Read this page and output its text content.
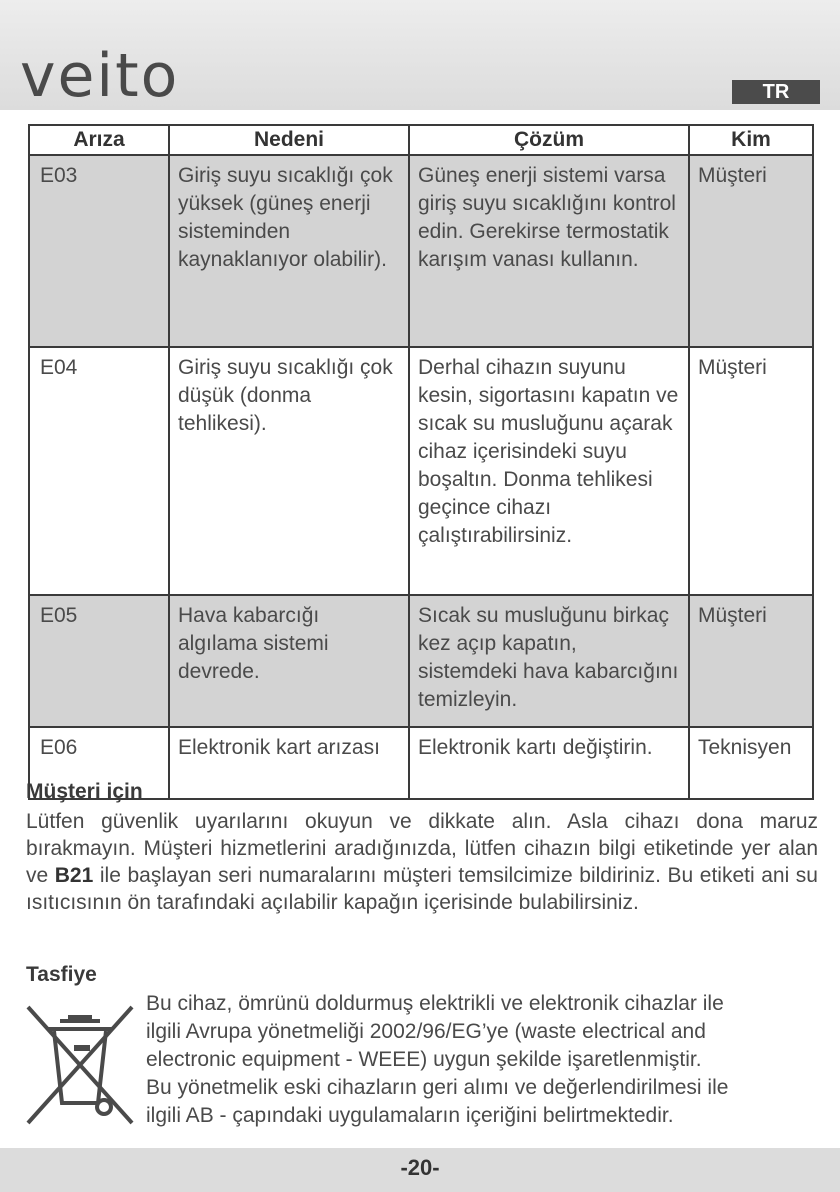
veito	TR
Arıza	Nedeni	Çözüm	Kim
E03	Giriş suyu sıcaklığı çok yüksek (güneş enerji sisteminden kaynaklanıyor olabilir).	Güneş enerji sistemi varsa giriş suyu sıcaklığını kontrol edin. Gerekirse termostatik karışım vanası kullanın.	Müşteri
E04	Giriş suyu sıcaklığı çok düşük (donma tehlikesi).	Derhal cihazın suyunu kesin, sigortasını kapatın ve sıcak su musluğunu açarak cihaz içerisindeki suyu boşaltın. Donma tehlikesi geçince cihazı çalıştırabilirsiniz.	Müşteri
E05	Hava kabarcığı algılama sistemi devrede.	Sıcak su musluğunu birkaç kez açıp kapatın, sistemdeki hava kabarcığını temizleyin.	Müşteri
E06	Elektronik kart arızası	Elektronik kartı değiştirin.	Teknisyen
Müşteri için
Lütfen güvenlik uyarılarını okuyun ve dikkate alın. Asla cihazı dona maruz bırakmayın. Müşteri hizmetlerini aradığınızda, lütfen cihazın bilgi etiketinde yer alan ve B21 ile başlayan seri numaralarını müşteri temsilcimize bildiriniz. Bu etiketi ani su ısıtıcısının ön tarafındaki açılabilir kapağın içerisinde bulabilirsiniz.
Tasfiye
Bu cihaz, ömrünü doldurmuş elektrikli ve elektronik cihazlar ile
ilgili Avrupa yönetmeliği 2002/96/EG’ye (waste electrical and
electronic equipment - WEEE) uygun şekilde işaretlenmiştir.
Bu yönetmelik eski cihazların geri alımı ve değerlendirilmesi ile
ilgili AB - çapındaki uygulamaların içeriğini belirtmektedir.
-20-
